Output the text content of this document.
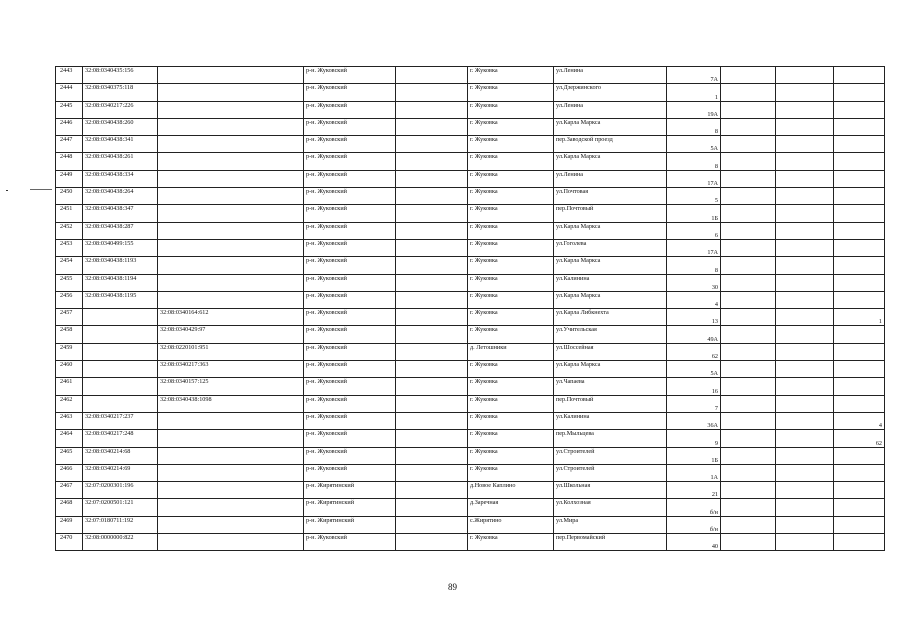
2443	32:08:0340435:156		р-н. Жуковский		г. Жуковка	ул.Ленина	7А			
2444	32:08:0340375:118		р-н. Жуковский		г. Жуковка	ул.Дзержинского	1			
2445	32:08:0340217:226		р-н. Жуковский		г. Жуковка	ул.Ленина	19А			
2446	32:08:0340438:260		р-н. Жуковский		г. Жуковка	ул.Карла Маркса	8			
2447	32:08:0340438:341		р-н. Жуковский		г. Жуковка	пер.Заводской проезд	5А			
2448	32:08:0340438:261		р-н. Жуковский		г. Жуковка	ул.Карла Маркса	8			
2449	32:08:0340438:334		р-н. Жуковский		г. Жуковка	ул.Ленина	17А			
2450	32:08:0340438:264		р-н. Жуковский		г. Жуковка	ул.Почтовая	5			
2451	32:08:0340438:347		р-н. Жуковский		г. Жуковка	пер.Почтовый	1Б			
2452	32:08:0340438:287		р-н. Жуковский		г. Жуковка	ул.Карла Маркса	6			
2453	32:08:0340499:155		р-н. Жуковский		г. Жуковка	ул.Гоголева	17А			
2454	32:08:0340438:1193		р-н. Жуковский		г. Жуковка	ул.Карла Маркса	8			
2455	32:08:0340438:1194		р-н. Жуковский		г. Жуковка	ул.Калинина	30			
2456	32:08:0340438:1195		р-н. Жуковский		г. Жуковка	ул.Карла Маркса	4			
2457		32:08:0340164:612	р-н. Жуковский		г. Жуковка	ул.Карла Либкнехта	13			1
2458		32:08:0340429:97	р-н. Жуковский		г. Жуковка	ул.Учительская	49А			
2459		32:08:0220101:951	р-н. Жуковский		д. Летошники	ул.Шоссейная	62			
2460		32:08:0340217:363	р-н. Жуковский		г. Жуковка	ул.Карла Маркса	5А			
2461		32:08:0340157:125	р-н. Жуковский		г. Жуковка	ул.Чапаева	16			
2462		32:08:0340438:1098	р-н. Жуковский		г. Жуковка	пер.Почтовый	7			
2463	32:08:0340217:237		р-н. Жуковский		г. Жуковка	ул.Калинина	36А			4
2464	32:08:0340217:248		р-н. Жуковский		г. Жуковка	пер.Мыльцева	9			62
2465	32:08:0340214:68		р-н. Жуковский		г. Жуковка	ул.Строителей	1Б			
2466	32:08:0340214:69		р-н. Жуковский		г. Жуковка	ул.Строителей	1А			
2467	32:07:0200301:196		р-н. Жирятинский		д.Новое Каплино	ул.Школьная	21			
2468	32:07:0200501:121		р-н. Жирятинский		д.Заречная	ул.Колхозная	б/н			
2469	32:07:0180711:192		р-н. Жирятинский		с.Жирятино	ул.Мира	б/н			
2470	32:08:0000000:822		р-н. Жуковский		г. Жуковка	пер.Первомайский	40			
89
